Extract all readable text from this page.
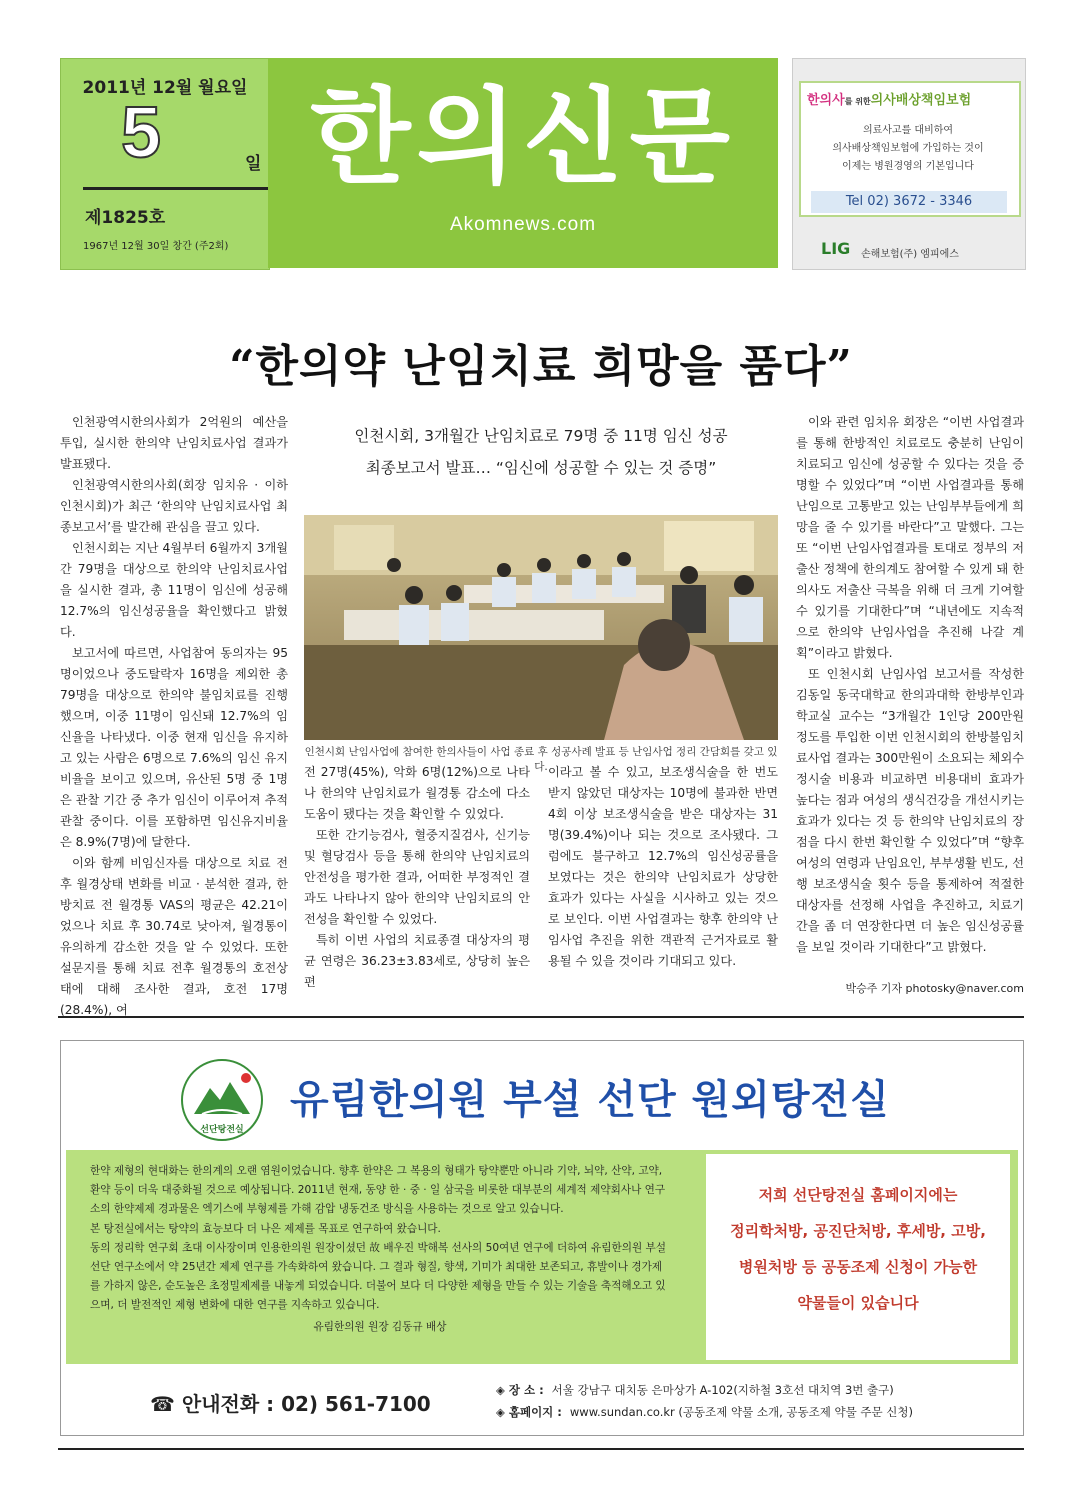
2011년 12월 월요일
5	일
제1825호
1967년 12월 30일 창간 (주2회)
한의신문
Akomnews.com
한의사를 위한의사배상책임보험
의료사고를 대비하여
의사배상책임보험에 가입하는 것이
이제는 병원경영의 기본입니다
Tel 02) 3672 - 3346
LIG 손해보험(주) 엠피에스
“한의약 난임치료 희망을 품다”

인천광역시한의사회가 2억원의 예산을 투입, 실시한 한의약 난임치료사업 결과가 발표됐다.

인천광역시한의사회(회장 임치유 · 이하 인천시회)가 최근 ‘한의약 난임치료사업 최종보고서’를 발간해 관심을 끌고 있다.

인천시회는 지난 4월부터 6월까지 3개월간 79명을 대상으로 한의약 난임치료사업을 실시한 결과, 총 11명이 임신에 성공해 12.7%의 임신성공율을 확인했다고 밝혔다.

보고서에 따르면, 사업참여 동의자는 95명이었으나 중도탈락자 16명을 제외한 총 79명을 대상으로 한의약 불임치료를 진행했으며, 이중 11명이 임신돼 12.7%의 임신율을 나타냈다. 이중 현재 임신을 유지하고 있는 사람은 6명으로 7.6%의 임신 유지비율을 보이고 있으며, 유산된 5명 중 1명은 관찰 기간 중 추가 임신이 이루어져 추적 관찰 중이다. 이를 포함하면 임신유지비율은 8.9%(7명)에 달한다.

이와 함께 비임신자를 대상으로 치료 전후 월경상태 변화를 비교 · 분석한 결과, 한방치료 전 월경통 VAS의 평균은 42.21이었으나 치료 후 30.74로 낮아져, 월경통이 유의하게 감소한 것을 알 수 있었다. 또한 설문지를 통해 치료 전후 월경통의 호전상태에 대해 조사한 결과, 호전 17명(28.4%), 여

인천시회, 3개월간 난임치료로 79명 중 11명 임신 성공
최종보고서 발표… “임신에 성공할 수 있는 것 증명”
인천시회 난임사업에 참여한 한의사들이 사업 종료 후 성공사례 발표 등 난임사업 정리 간담회를 갖고 있다.

전 27명(45%), 악화 6명(12%)으로 나타나 한의약 난임치료가 월경통 감소에 다소 도움이 됐다는 것을 확인할 수 있었다.

또한 간기능검사, 혈중지질검사, 신기능 및 혈당검사 등을 통해 한의약 난임치료의 안전성을 평가한 결과, 어떠한 부정적인 결과도 나타나지 않아 한의약 난임치료의 안전성을 확인할 수 있었다.

특히 이번 사업의 치료종결 대상자의 평균 연령은 36.23±3.83세로, 상당히 높은 편

이라고 볼 수 있고, 보조생식술을 한 번도 받지 않았던 대상자는 10명에 불과한 반면 4회 이상 보조생식술을 받은 대상자는 31명(39.4%)이나 되는 것으로 조사됐다. 그럼에도 불구하고 12.7%의 임신성공률을 보였다는 것은 한의약 난임치료가 상당한 효과가 있다는 사실을 시사하고 있는 것으로 보인다. 이번 사업결과는 향후 한의약 난임사업 추진을 위한 객관적 근거자료로 활용될 수 있을 것이라 기대되고 있다.

이와 관련 임치유 회장은 “이번 사업결과를 통해 한방적인 치료로도 충분히 난임이 치료되고 임신에 성공할 수 있다는 것을 증명할 수 있었다”며 “이번 사업결과를 통해 난임으로 고통받고 있는 난임부부들에게 희망을 줄 수 있기를 바란다”고 말했다. 그는 또 “이번 난임사업결과를 토대로 정부의 저출산 정책에 한의계도 참여할 수 있게 돼 한의사도 저출산 극복을 위해 더 크게 기여할 수 있기를 기대한다”며 “내년에도 지속적으로 한의약 난임사업을 추진해 나갈 계획”이라고 밝혔다.

또 인천시회 난임사업 보고서를 작성한 김동일 동국대학교 한의과대학 한방부인과학교실 교수는 “3개월간 1인당 200만원 정도를 투입한 이번 인천시회의 한방불임치료사업 결과는 300만원이 소요되는 체외수정시술 비용과 비교하면 비용대비 효과가 높다는 점과 여성의 생식건강을 개선시키는 효과가 있다는 것 등 한의약 난임치료의 장점을 다시 한번 확인할 수 있었다”며 “향후 여성의 연령과 난임요인, 부부생활 빈도, 선행 보조생식술 횟수 등을 통제하여 적절한 대상자를 선정해 사업을 추진하고, 치료기간을 좀 더 연장한다면 더 높은 임신성공률을 보일 것이라 기대한다”고 밝혔다.

박승주 기자 photosky@naver.com
선단탕전실
유림한의원 부설 선단 원외탕전실

한약 제형의 현대화는 한의계의 오랜 염원이었습니다. 향후 한약은 그 복용의 형태가 탕약뿐만 아니라 기약, 뇌약, 산약, 고약, 환약 등이 더욱 대중화될 것으로 예상됩니다. 2011년 현재, 동양 한 · 중 · 일 삼국을 비롯한 대부분의 세계적 제약회사나 연구소의 한약제제 경과물은 엑기스에 부형제를 가해 감압 냉동건조 방식을 사용하는 것으로 알고 있습니다.

본 탕전실에서는 탕약의 효능보다 더 나은 제제를 목표로 연구하여 왔습니다.

동의 정리학 연구회 초대 이사장이며 인용한의원 원장이셨던 故 배우진 박해복 선사의 50여년 연구에 더하여 유림한의원 부설 선단 연구소에서 약 25년간 제제 연구를 가속화하여 왔습니다. 그 결과 형질, 향색, 기미가 최대한 보존되고, 휴발이나 경가제를 가하지 않은, 순도높은 초정밀제제를 내놓게 되었습니다. 더불어 보다 더 다양한 제형을 만들 수 있는 기술을 축적해오고 있으며, 더 발전적인 제형 변화에 대한 연구를 지속하고 있습니다.

유림한의원 원장 김동규 배상

저희 선단탕전실 홈페이지에는
정리학처방, 공진단처방, 후세방, 고방,
병원처방 등 공동조제 신청이 가능한
약물들이 있습니다
☎ 안내전화 : 02) 561-7100
◈ 장 소 : 서울 강남구 대치동 은마상가 A-102(지하철 3호선 대치역 3번 출구)
◈ 홈페이지 : www.sundan.co.kr (공동조제 약물 소개, 공동조제 약물 주문 신청)
